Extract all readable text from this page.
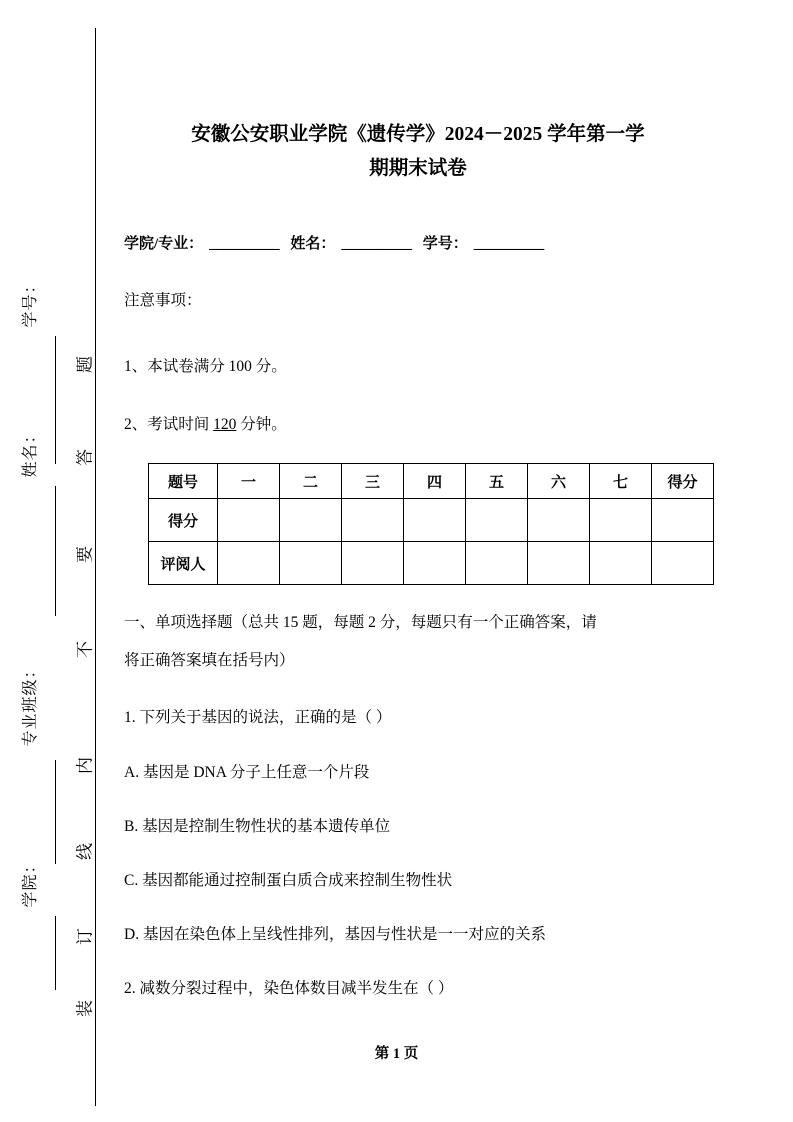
题
答
要
不
内
线
订
装
学号：
姓名：
专业班级：
学院：
安徽公安职业学院《遗传学》2024－2025 学年第一学
期期末试卷
学院/专业： __________ 姓名： __________ 学号： __________
注意事项：
1、本试卷满分 100 分。
2、考试时间 120 分钟。
题号	一	二	三	四	五	六	七	得分
得分								
评阅人								
一、单项选择题（总共 15 题，每题 2 分，每题只有一个正确答案，请
将正确答案填在括号内）
1. 下列关于基因的说法，正确的是（ ）
A. 基因是 DNA 分子上任意一个片段
B. 基因是控制生物性状的基本遗传单位
C. 基因都能通过控制蛋白质合成来控制生物性状
D. 基因在染色体上呈线性排列，基因与性状是一一对应的关系
2. 减数分裂过程中，染色体数目减半发生在（ ）
第 1 页
